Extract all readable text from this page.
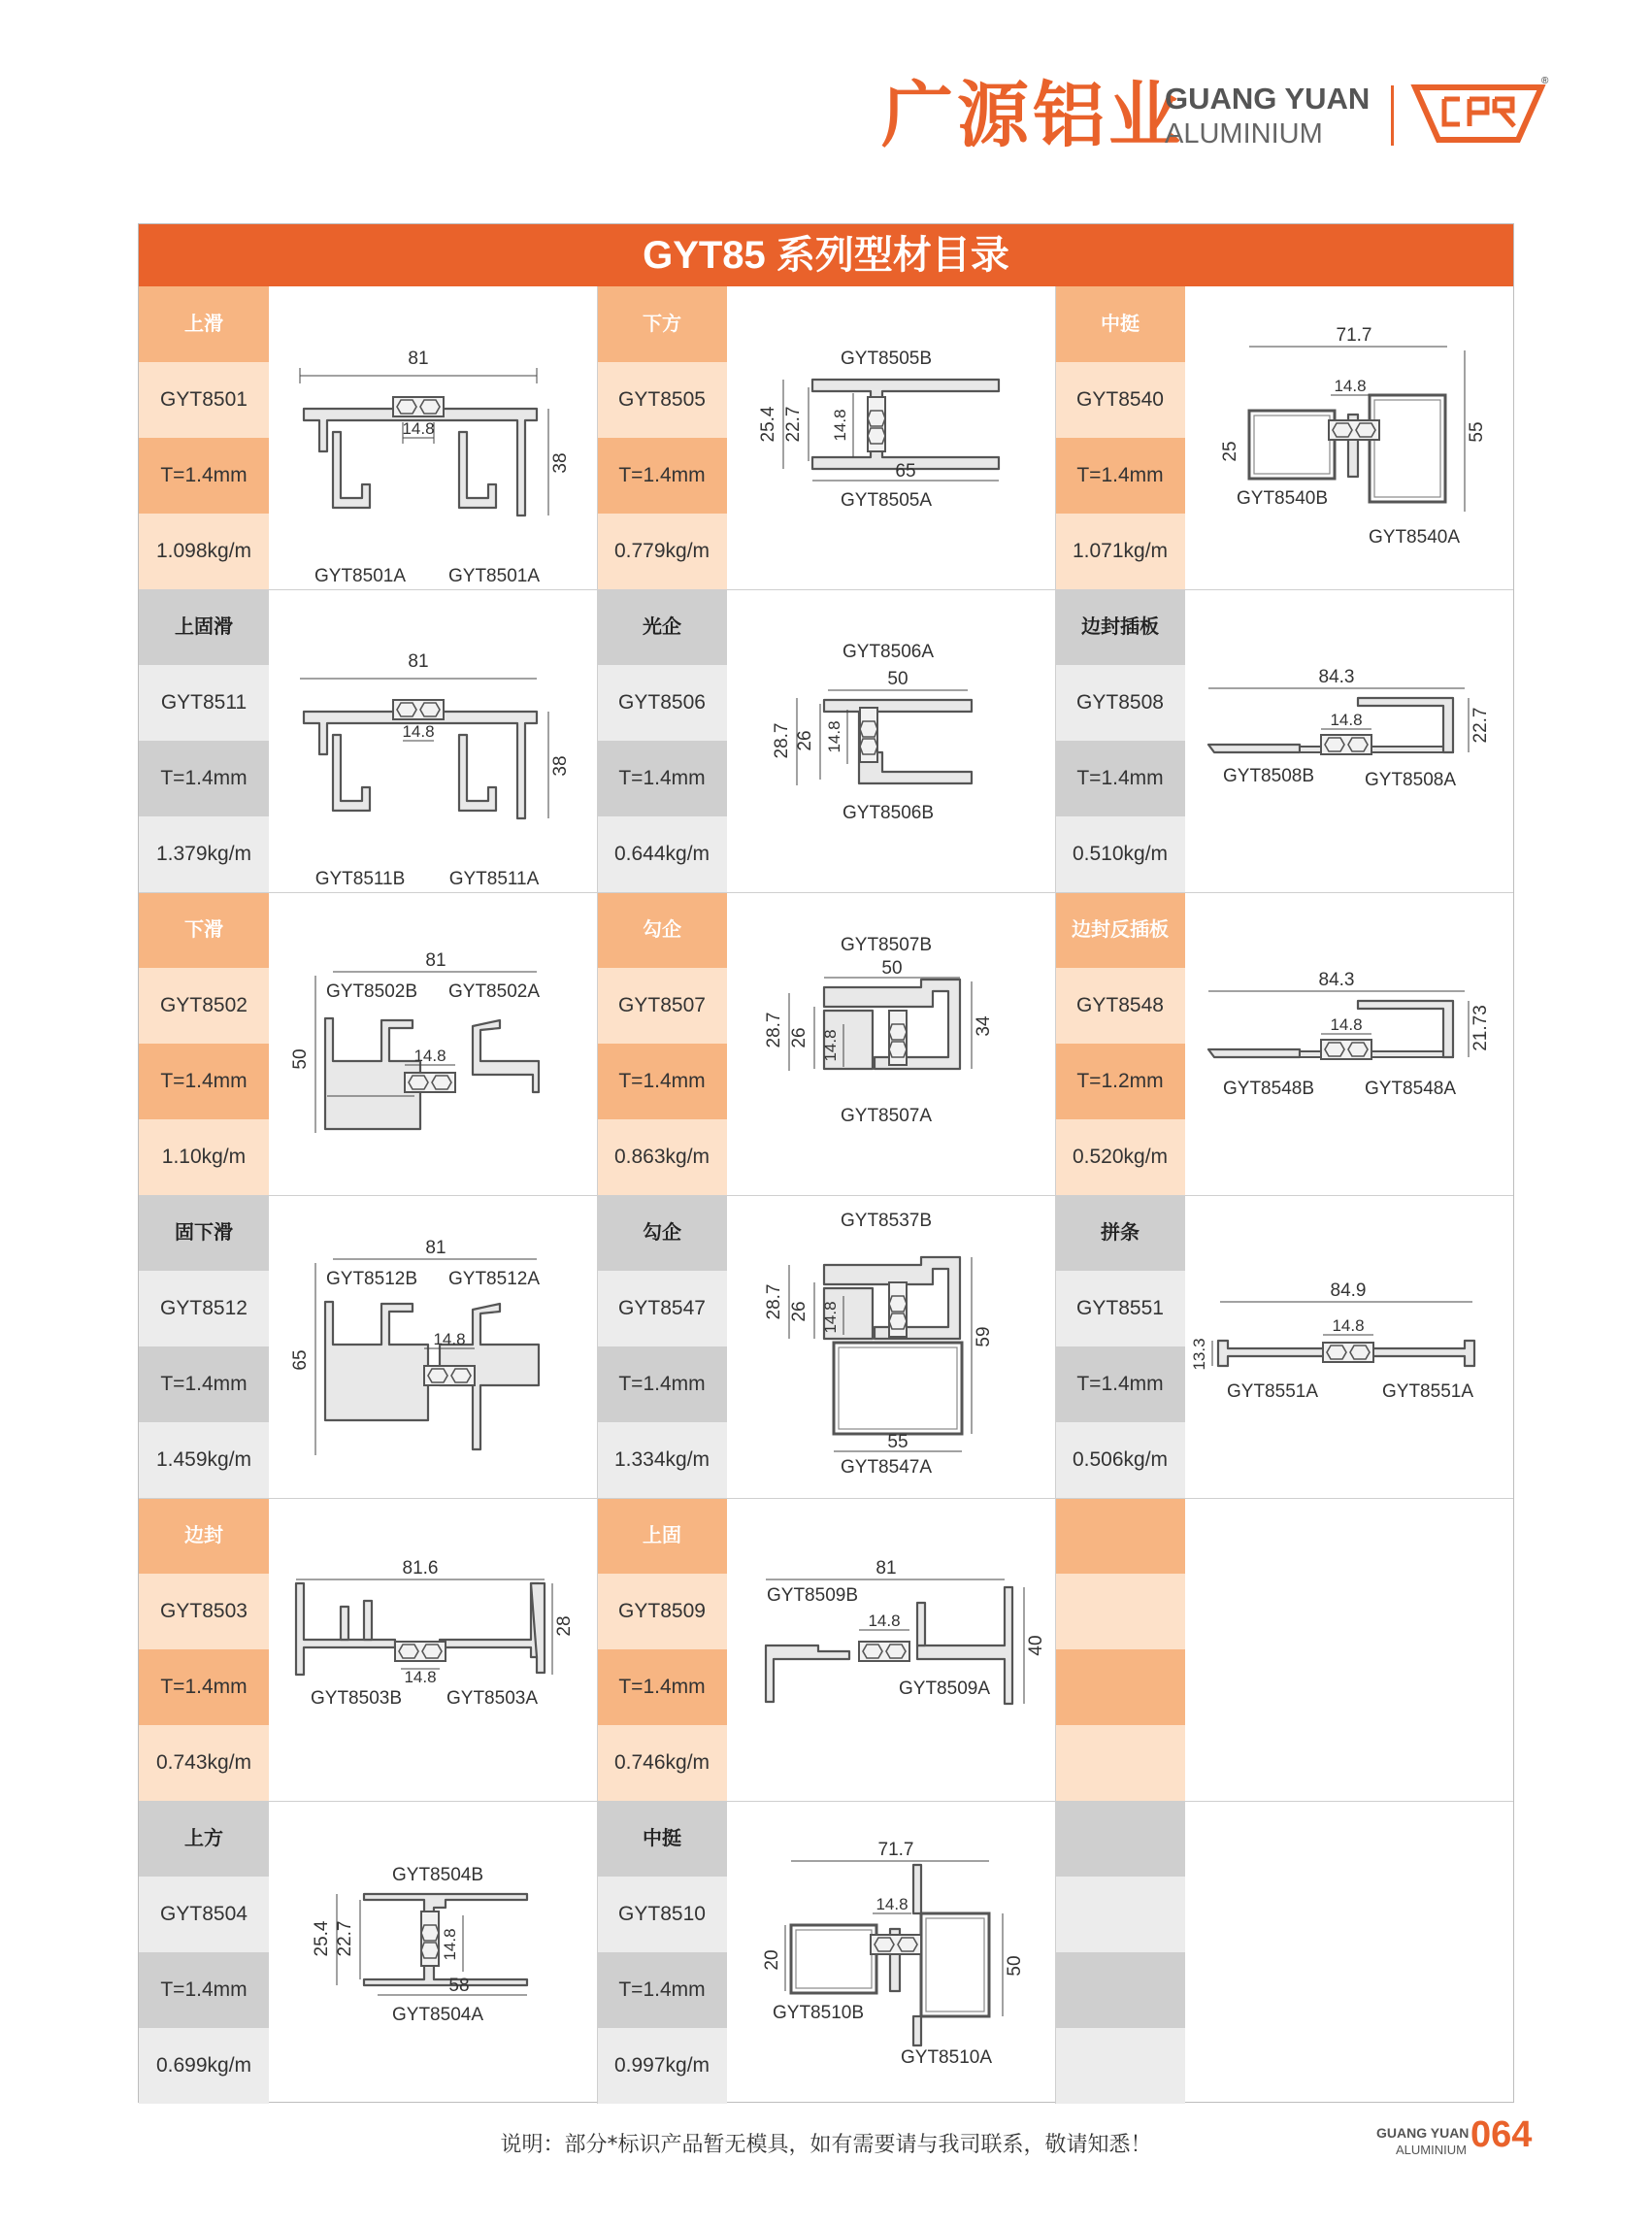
广源铝业
GUANG YUAN
ALUMINIUM
®
GYT85 系列型材目录
上滑
GYT8501
T=1.4mm
1.098kg/m
81
14.8
38
GYT8501A GYT8501A
下方
GYT8505
T=1.4mm
0.779kg/m
GYT8505B
25.4 22.7 14.8
65
GYT8505A
中挺
GYT8540
T=1.4mm
1.071kg/m
71.7
14.8
25
55
GYT8540B
GYT8540A
上固滑
GYT8511
T=1.4mm
1.379kg/m
81
14.8
38
GYT8511B GYT8511A
光企
GYT8506
T=1.4mm
0.644kg/m
GYT8506A
50
28.7 26 14.8
GYT8506B
边封插板
GYT8508
T=1.4mm
0.510kg/m
84.3
14.8	22.7
GYT8508B	GYT8508A
下滑
GYT8502
T=1.4mm
1.10kg/m
81
GYT8502B GYT8502A
50	14.8
勾企
GYT8507
T=1.4mm
0.863kg/m
GYT8507B
50
28.7 26 14.8
34
GYT8507A
边封反插板
GYT8548
T=1.2mm
0.520kg/m
84.3
14.8	21.73
GYT8548B	GYT8548A
固下滑
GYT8512
T=1.4mm
1.459kg/m
81
GYT8512B GYT8512A
65
14.8
勾企
GYT8547
T=1.4mm
1.334kg/m
GYT8537B
28.7 26 14.8
59
55
GYT8547A
拼条
GYT8551
T=1.4mm
0.506kg/m
84.9
14.8
13.3
GYT8551A	GYT8551A
边封
GYT8503
T=1.4mm
0.743kg/m
81.6
14.8
28
GYT8503B GYT8503A
上固
GYT8509
T=1.4mm
0.746kg/m
81
GYT8509B
14.8
40
GYT8509A
上方
GYT8504
T=1.4mm
0.699kg/m
GYT8504B
25.4 22.7	14.8
58
GYT8504A
中挺
GYT8510
T=1.4mm
0.997kg/m
71.7
14.8
20	50
GYT8510B
GYT8510A
说明：部分*标识产品暂无模具，如有需要请与我司联系，敬请知悉！	GUANG YUAN
ALUMINIUM 064
